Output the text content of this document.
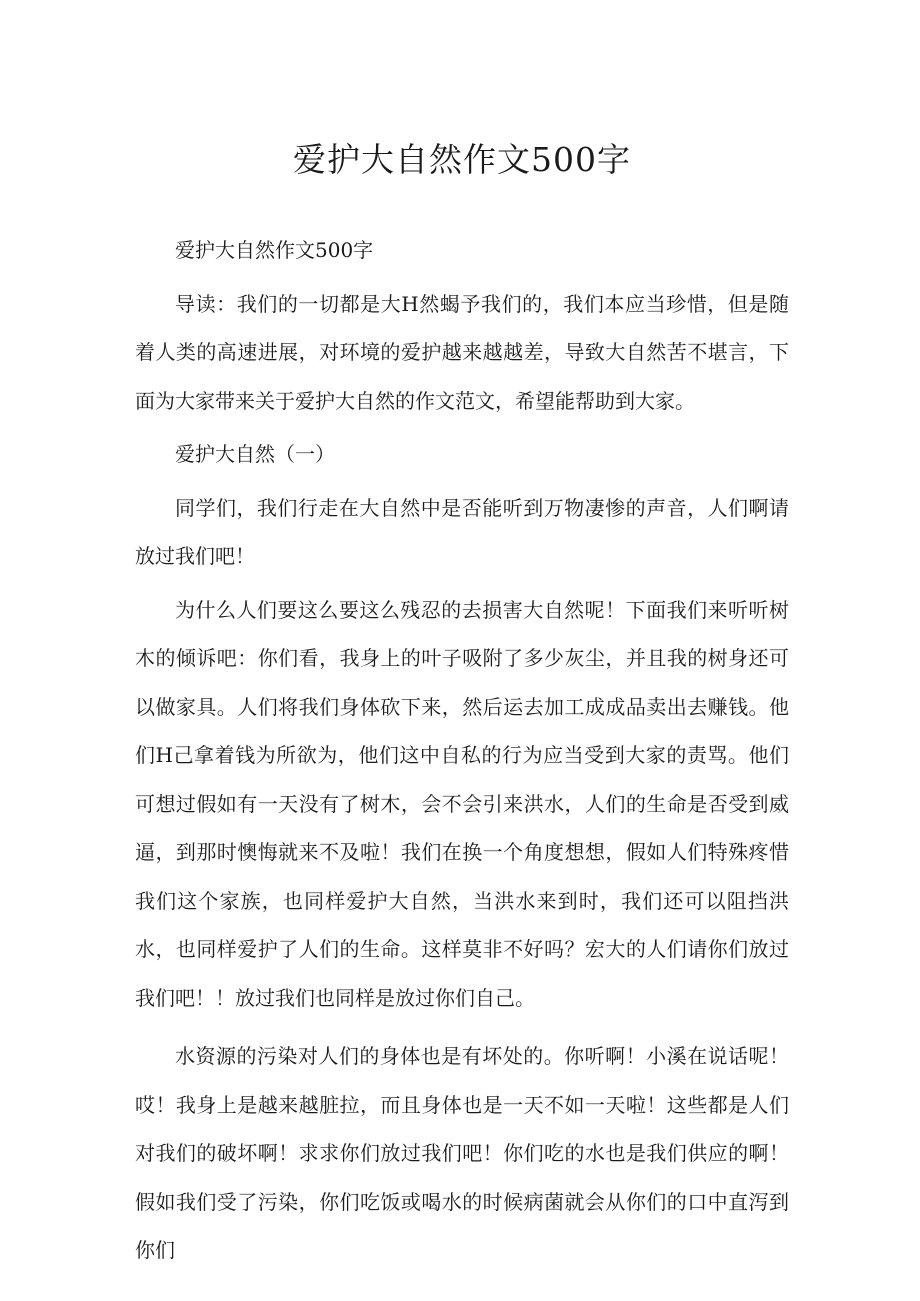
爱护大自然作文500字

爱护大自然作文500字

导读：我们的一切都是大H然蝎予我们的，我们本应当珍惜，但是随着人类的高速进展，对环境的爱护越来越越差，导致大自然苦不堪言，下面为大家带来关于爱护大自然的作文范文，希望能帮助到大家。

爱护大自然（一）

同学们，我们行走在大自然中是否能听到万物凄惨的声音，人们啊请放过我们吧！

为什么人们要这么要这么残忍的去损害大自然呢！下面我们来听听树木的倾诉吧：你们看，我身上的叶子吸附了多少灰尘，并且我的树身还可以做家具。人们将我们身体砍下来，然后运去加工成成品卖出去赚钱。他们H己拿着钱为所欲为，他们这中自私的行为应当受到大家的责骂。他们可想过假如有一天没有了树木，会不会引来洪水，人们的生命是否受到威逼，到那时懊悔就来不及啦！我们在换一个角度想想，假如人们特殊疼惜我们这个家族，也同样爱护大自然，当洪水来到时，我们还可以阻挡洪水，也同样爱护了人们的生命。这样莫非不好吗？宏大的人们请你们放过我们吧！！放过我们也同样是放过你们自己。

水资源的污染对人们的身体也是有坏处的。你听啊！小溪在说话呢！哎！我身上是越来越脏拉，而且身体也是一天不如一天啦！这些都是人们对我们的破坏啊！求求你们放过我们吧！你们吃的水也是我们供应的啊！假如我们受了污染，你们吃饭或喝水的时候病菌就会从你们的口中直泻到你们
